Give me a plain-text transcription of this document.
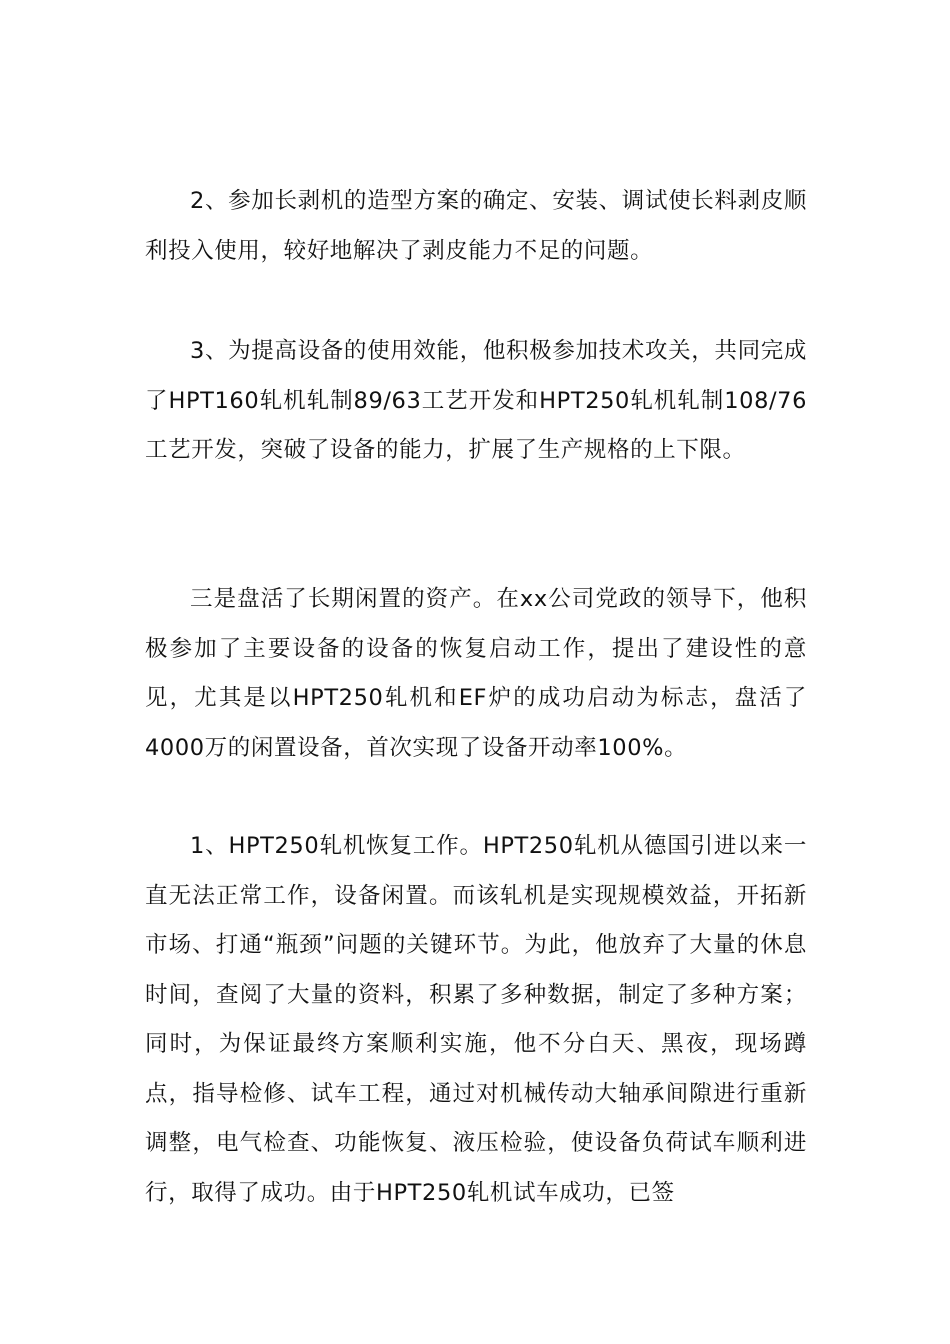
2、参加长剥机的造型方案的确定、安装、调试使长料剥皮顺利投入使用，较好地解决了剥皮能力不足的问题。

3、为提高设备的使用效能，他积极参加技术攻关，共同完成了HPT160轧机轧制89/63工艺开发和HPT250轧机轧制108/76工艺开发，突破了设备的能力，扩展了生产规格的上下限。

三是盘活了长期闲置的资产。在xx公司党政的领导下，他积极参加了主要设备的设备的恢复启动工作，提出了建设性的意见，尤其是以HPT250轧机和EF炉的成功启动为标志，盘活了4000万的闲置设备，首次实现了设备开动率100%。

1、HPT250轧机恢复工作。HPT250轧机从德国引进以来一直无法正常工作，设备闲置。而该轧机是实现规模效益，开拓新市场、打通“瓶颈”问题的关键环节。为此，他放弃了大量的休息时间，查阅了大量的资料，积累了多种数据，制定了多种方案；同时，为保证最终方案顺利实施，他不分白天、黑夜，现场蹲点，指导检修、试车工程，通过对机械传动大轴承间隙进行重新调整，电气检查、功能恢复、液压检验，使设备负荷试车顺利进行，取得了成功。由于HPT250轧机试车成功，已签
